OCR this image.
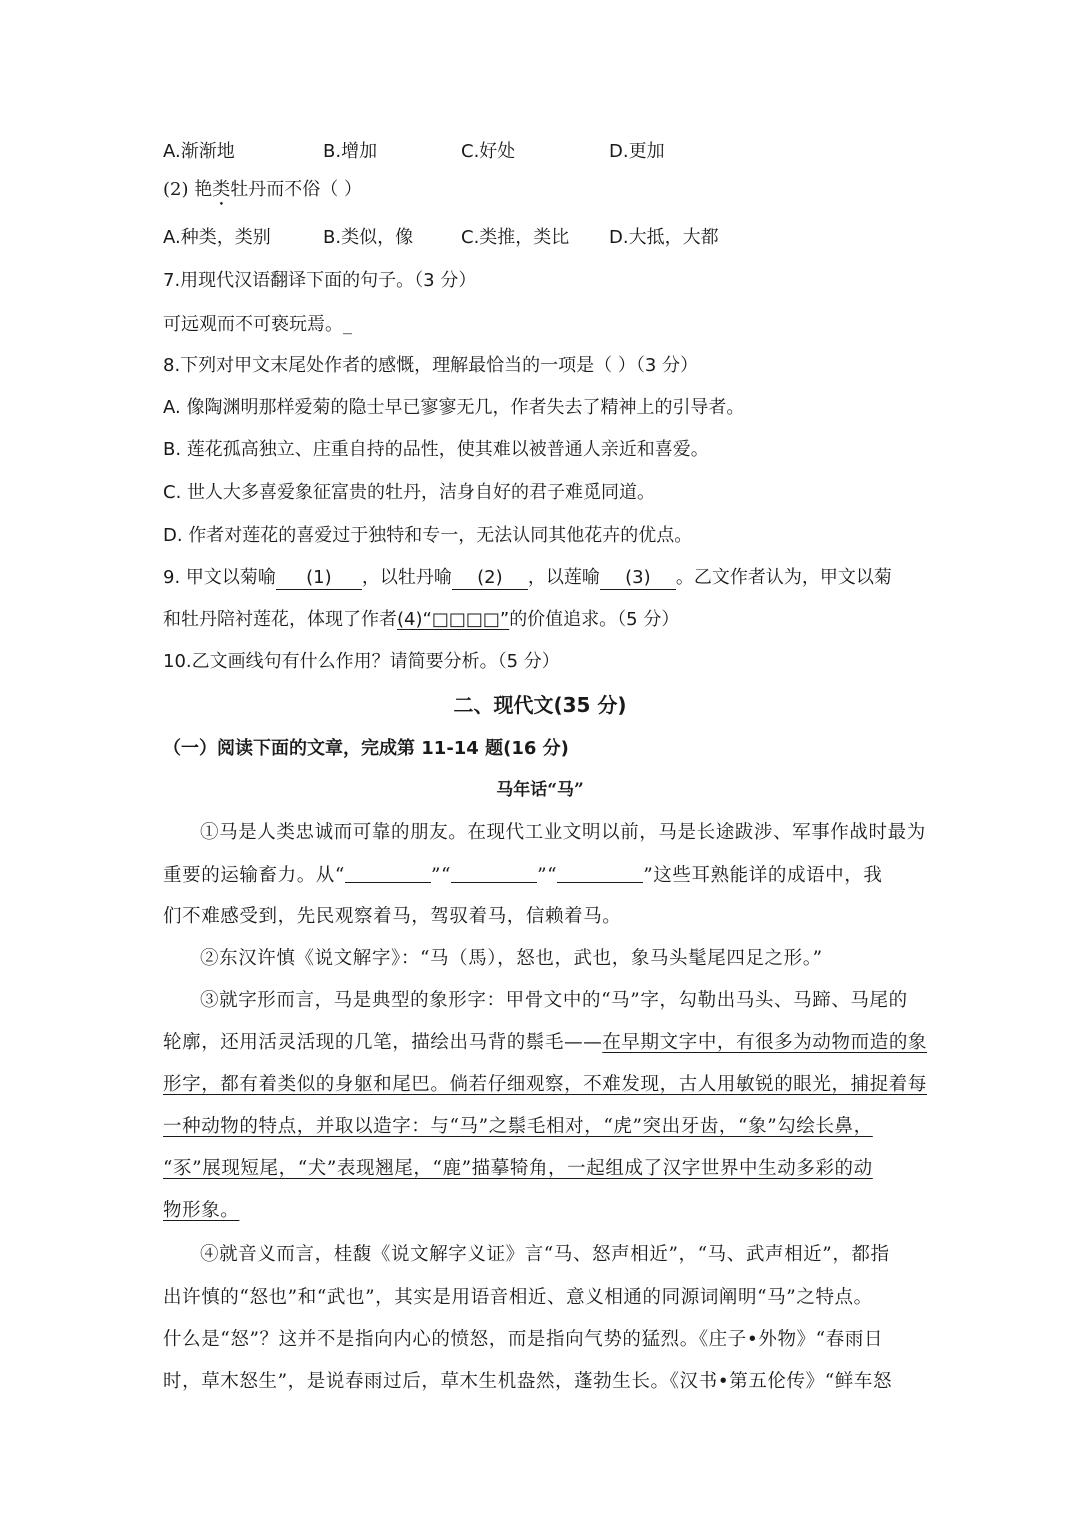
A.渐渐地	B.增加	C.好处	D.更加
(2) 艳类牡丹而不俗（ ）
A.种类，类别	B.类似，像	C.类推，类比 D.大抵，大都
7.用现代汉语翻译下面的句子。（3 分）
可远观而不可亵玩焉。_
8.下列对甲文末尾处作者的感慨，理解最恰当的一项是（ ）（3 分）
A. 像陶渊明那样爱菊的隐士早已寥寥无几，作者失去了精神上的引导者。
B. 莲花孤高独立、庄重自持的品性，使其难以被普通人亲近和喜爱。
C. 世人大多喜爱象征富贵的牡丹，洁身自好的君子难觅同道。
D. 作者对莲花的喜爱过于独特和专一，无法认同其他花卉的优点。
9. 甲文以菊喻 (1) ，以牡丹喻 (2) ，以莲喻 (3) 。乙文作者认为，甲文以菊
和牡丹陪衬莲花，体现了作者(4)“□□□□”的价值追求。（5 分）
10.乙文画线句有什么作用？请简要分析。（5 分）
二、现代文(35 分)
（一）阅读下面的文章，完成第 11-14 题(16 分)
马年话“马”
①马是人类忠诚而可靠的朋友。在现代工业文明以前，马是长途跋涉、军事作战时最为
重要的运输畜力。从“	”“	”“	”这些耳熟能详的成语中，我
们不难感受到，先民观察着马，驾驭着马，信赖着马。
②东汉许慎《说文解字》：“马（馬），怒也，武也，象马头髦尾四足之形。”
③就字形而言，马是典型的象形字：甲骨文中的“马”字，勾勒出马头、马蹄、马尾的
轮廓，还用活灵活现的几笔，描绘出马背的鬃毛——在早期文字中，有很多为动物而造的象
形字，都有着类似的身躯和尾巴。倘若仔细观察，不难发现，古人用敏锐的眼光，捕捉着每
一种动物的特点，并取以造字：与“马”之鬃毛相对，“虎”突出牙齿，“象”勾绘长鼻，
“豕”展现短尾，“犬”表现翘尾，“鹿”描摹犄角，一起组成了汉字世界中生动多彩的动
物形象。
④就音义而言，桂馥《说文解字义证》言“马、怒声相近”，“马、武声相近”，都指
出许慎的“怒也”和“武也”，其实是用语音相近、意义相通的同源词阐明“马”之特点。
什么是“怒”？这并不是指向内心的愤怒，而是指向气势的猛烈。《庄子•外物》“春雨日
时，草木怒生”，是说春雨过后，草木生机盎然，蓬勃生长。《汉书•第五伦传》“鲜车怒
